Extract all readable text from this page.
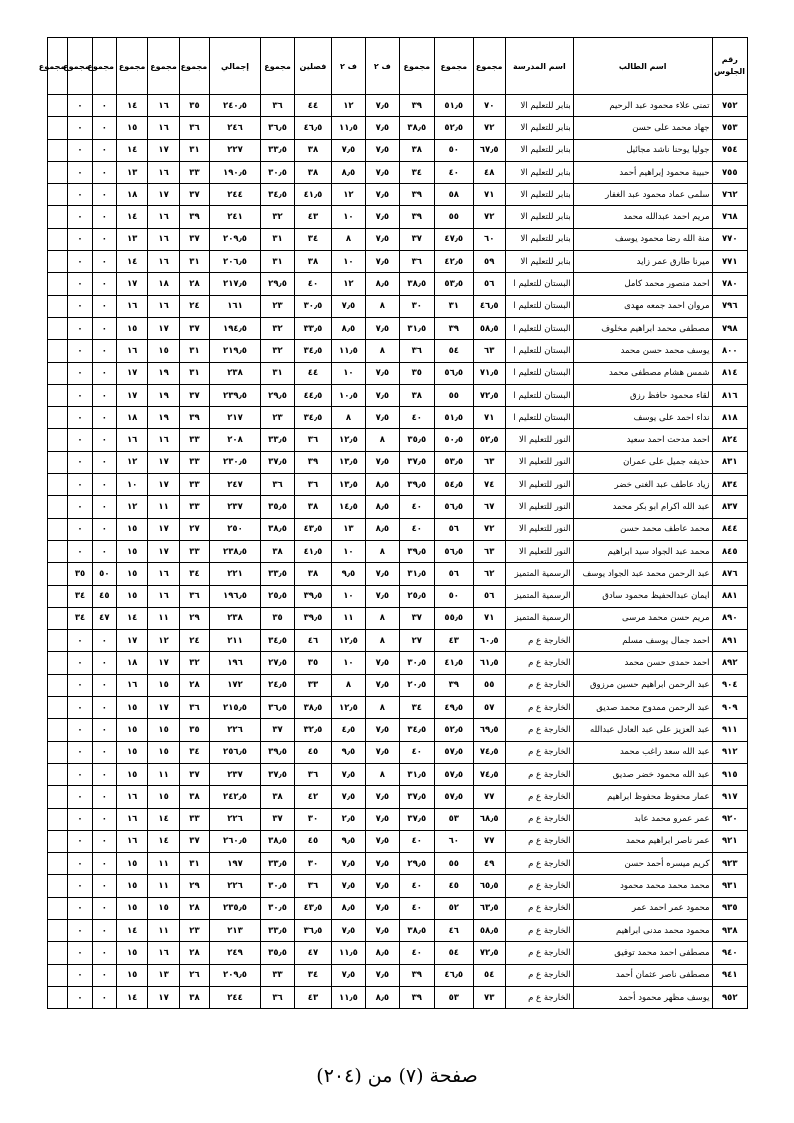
رقم الجلوس	اسم الطالب	اسم المدرسة	مجموع	مجموع	مجموع	ف ٢	ف ٢	فصلين	مجموع	إجمالي	مجموع	مجموع	مجموع	مجموع	مجموع	مجموع
٧٥٢	تمنى علاء محمود عبد الرحيم	بنابر للتعليم الا	٧٠	٥١٫٥	٣٩	٧٫٥	١٢	٤٤	٣٦	٢٤٠٫٥	٣٥	١٦	١٤	٠	٠	
٧٥٣	جهاد محمد على حسن	بنابر للتعليم الا	٧٢	٥٢٫٥	٣٨٫٥	٧٫٥	١١٫٥	٤٦٫٥	٣٦٫٥	٢٤٦	٣٦	١٦	١٥	٠	٠	
٧٥٤	جوليا يوحنا ناشد مجائيل	بنابر للتعليم الا	٦٧٫٥	٥٠	٣٨	٧٫٥	٧٫٥	٣٨	٣٣٫٥	٢٢٧	٣١	١٧	١٤	٠	٠	
٧٥٥	حبيبة محمود إبراهيم أحمد	بنابر للتعليم الا	٤٨	٤٠	٣٤	٧٫٥	٨٫٥	٣٨	٣٠٫٥	١٩٠٫٥	٣٣	١٦	١٣	٠	٠	
٧٦٢	سلمى عماد محمود عبد الغفار	بنابر للتعليم الا	٧١	٥٨	٣٩	٧٫٥	١٢	٤١٫٥	٣٤٫٥	٢٤٤	٣٧	١٧	١٨	٠	٠	
٧٦٨	مريم احمد عبدالله محمد	بنابر للتعليم الا	٧٢	٥٥	٣٩	٧٫٥	١٠	٤٣	٣٢	٢٤١	٣٩	١٦	١٤	٠	٠	
٧٧٠	منة الله رضا محمود يوسف	بنابر للتعليم الا	٦٠	٤٧٫٥	٣٧	٧٫٥	٨	٣٤	٣١	٢٠٩٫٥	٣٧	١٦	١٣	٠	٠	
٧٧١	ميرنا طارق عمر زايد	بنابر للتعليم الا	٥٩	٤٢٫٥	٣٦	٧٫٥	١٠	٣٨	٣١	٢٠٦٫٥	٣١	١٦	١٤	٠	٠	
٧٨٠	احمد منصور محمد كامل	البستان للتعليم ا	٥٦	٥٣٫٥	٣٨٫٥	٨٫٥	١٢	٤٠	٢٩٫٥	٢١٧٫٥	٢٨	١٨	١٧	٠	٠	
٧٩٦	مروان احمد جمعه مهدى	البستان للتعليم ا	٤٦٫٥	٣١	٣٠	٨	٧٫٥	٣٠٫٥	٢٣	١٦١	٢٤	١٦	١٦	٠	٠	
٧٩٨	مصطفى محمد ابراهيم مخلوف	البستان للتعليم ا	٥٨٫٥	٣٩	٣١٫٥	٧٫٥	٨٫٥	٣٣٫٥	٣٢	١٩٤٫٥	٣٧	١٧	١٥	٠	٠	
٨٠٠	يوسف محمد حسن محمد	البستان للتعليم ا	٦٣	٥٤	٣٦	٨	١١٫٥	٣٤٫٥	٣٢	٢١٩٫٥	٣١	١٥	١٦	٠	٠	
٨١٤	شمس هشام مصطفى محمد	البستان للتعليم ا	٧١٫٥	٥٦٫٥	٣٥	٧٫٥	١٠	٤٤	٣١	٢٣٨	٣١	١٩	١٧	٠	٠	
٨١٦	لقاء محمود حافظ رزق	البستان للتعليم ا	٧٢٫٥	٥٥	٣٨	٧٫٥	١٠٫٥	٤٤٫٥	٢٩٫٥	٢٣٩٫٥	٣٧	١٩	١٧	٠	٠	
٨١٨	نداء احمد على يوسف	البستان للتعليم ا	٧١	٥١٫٥	٤٠	٧٫٥	٨	٣٤٫٥	٢٣	٢١٧	٣٩	١٩	١٨	٠	٠	
٨٢٤	احمد مدحت احمد سعيد	النور للتعليم الا	٥٢٫٥	٥٠٫٥	٣٥٫٥	٨	١٢٫٥	٣٦	٣٣٫٥	٢٠٨	٣٣	١٦	١٦	٠	٠	
٨٣١	حذيفه جميل على عمران	النور للتعليم الا	٦٣	٥٣٫٥	٣٧٫٥	٧٫٥	١٣٫٥	٣٩	٣٧٫٥	٢٣٠٫٥	٣٣	١٧	١٢	٠	٠	
٨٣٤	زياد عاطف عبد الغنى خضر	النور للتعليم الا	٧٤	٥٤٫٥	٣٩٫٥	٨٫٥	١٣٫٥	٣٦	٣٦	٢٤٧	٣٣	١٧	١٠	٠	٠	
٨٣٧	عبد الله اكرام ابو بكر محمد	النور للتعليم الا	٦٧	٥٦٫٥	٤٠	٨٫٥	١٤٫٥	٣٨	٣٥٫٥	٢٣٧	٣٣	١١	١٢	٠	٠	
٨٤٤	محمد عاطف محمد حسن	النور للتعليم الا	٧٢	٥٦	٤٠	٨٫٥	١٣	٤٣٫٥	٣٨٫٥	٢٥٠	٢٧	١٧	١٥	٠	٠	
٨٤٥	محمد عبد الجواد سيد ابراهيم	النور للتعليم الا	٦٣	٥٦٫٥	٣٩٫٥	٨	١٠	٤١٫٥	٣٨	٢٣٨٫٥	٣٣	١٧	١٥	٠	٠	
٨٧٦	عبد الرحمن محمد عبد الجواد يوسف	الرسمية المتميز	٦٢	٥٦	٣١٫٥	٧٫٥	٩٫٥	٣٨	٣٣٫٥	٢٢١	٣٤	١٦	١٥	٥٠	٣٥	
٨٨١	ايمان عبدالحفيظ محمود سادق	الرسمية المتميز	٥٦	٥٠	٢٥٫٥	٧٫٥	١٠	٣٩٫٥	٢٥٫٥	١٩٦٫٥	٣٦	١٦	١٥	٤٥	٣٤	
٨٩٠	مريم حسن محمد مرسى	الرسمية المتميز	٧١	٥٥٫٥	٣٧	٨	١١	٣٩٫٥	٣٥	٢٣٨	٢٩	١١	١٤	٤٧	٣٤	
٨٩١	احمد جمال يوسف مسلم	الخارجة ع م	٦٠٫٥	٤٣	٢٧	٨	١٢٫٥	٤٦	٣٤٫٥	٢١١	٢٤	١٢	١٧	٠	٠	
٨٩٢	احمد حمدى حسن محمد	الخارجة ع م	٦١٫٥	٤١٫٥	٣٠٫٥	٧٫٥	١٠	٣٥	٢٧٫٥	١٩٦	٣٢	١٧	١٨	٠	٠	
٩٠٤	عبد الرحمن ابراهيم حسين مرزوق	الخارجة ع م	٥٥	٣٩	٢٠٫٥	٧٫٥	٨	٣٣	٢٤٫٥	١٧٢	٢٨	١٥	١٦	٠	٠	
٩٠٩	عبد الرحمن ممدوح محمد صديق	الخارجة ع م	٥٧	٤٩٫٥	٣٤	٨	١٢٫٥	٣٨٫٥	٣٦٫٥	٢١٥٫٥	٣٦	١٧	١٥	٠	٠	
٩١١	عبد العزيز على عبد العادل عبدالله	الخارجة ع م	٦٩٫٥	٥٢٫٥	٣٤٫٥	٧٫٥	٤٫٥	٣٢٫٥	٣٧	٢٢٦	٣٥	١٥	١٥	٠	٠	
٩١٢	عبد الله سعد راغب محمد	الخارجة ع م	٧٤٫٥	٥٧٫٥	٤٠	٧٫٥	٩٫٥	٤٥	٣٩٫٥	٢٥٦٫٥	٣٤	١٥	١٥	٠	٠	
٩١٥	عبد الله محمود خضر صديق	الخارجة ع م	٧٤٫٥	٥٧٫٥	٣١٫٥	٨	٧٫٥	٣٦	٣٧٫٥	٢٣٧	٣٧	١١	١٥	٠	٠	
٩١٧	عمار محفوظ محفوظ ابراهيم	الخارجة ع م	٧٧	٥٧٫٥	٣٧٫٥	٧٫٥	٧٫٥	٤٢	٣٨	٢٤٢٫٥	٣٨	١٥	١٦	٠	٠	
٩٢٠	عمر عمرو محمد عابد	الخارجة ع م	٦٨٫٥	٥٣	٣٧٫٥	٧٫٥	٢٫٥	٣٠	٣٧	٢٢٦	٣٣	١٤	١٦	٠	٠	
٩٢١	عمر ناصر ابراهيم محمد	الخارجة ع م	٧٧	٦٠	٤٠	٧٫٥	٩٫٥	٤٥	٣٨٫٥	٢٦٠٫٥	٣٧	١٤	١٦	٠	٠	
٩٢٣	كريم ميسره أحمد حسن	الخارجة ع م	٤٩	٥٥	٢٩٫٥	٧٫٥	٧٫٥	٣٠	٣٣٫٥	١٩٧	٣١	١١	١٥	٠	٠	
٩٣١	محمد محمد محمد محمود	الخارجة ع م	٦٥٫٥	٤٥	٤٠	٧٫٥	٧٫٥	٣٦	٣٠٫٥	٢٢٦	٢٩	١١	١٥	٠	٠	
٩٣٥	محمود عمر احمد عمر	الخارجة ع م	٦٣٫٥	٥٢	٤٠	٧٫٥	٨٫٥	٤٣٫٥	٣٠٫٥	٢٣٥٫٥	٢٨	١٥	١٥	٠	٠	
٩٣٨	محمود محمد مدنى ابراهيم	الخارجة ع م	٥٨٫٥	٤٦	٣٨٫٥	٧٫٥	٧٫٥	٣٦٫٥	٣٣٫٥	٢١٣	٢٣	١١	١٤	٠	٠	
٩٤٠	مصطفى احمد محمد توفيق	الخارجة ع م	٧٢٫٥	٥٤	٤٠	٨٫٥	١١٫٥	٤٧	٣٥٫٥	٢٤٩	٢٨	١٦	١٥	٠	٠	
٩٤١	مصطفى ناصر عثمان أحمد	الخارجة ع م	٥٤	٤٦٫٥	٣٩	٧٫٥	٧٫٥	٣٤	٣٣	٢٠٩٫٥	٢٦	١٣	١٥	٠	٠	
٩٥٢	يوسف مظهر محمود أحمد	الخارجة ع م	٧٣	٥٣	٣٩	٨٫٥	١١٫٥	٤٣	٣٦	٢٤٤	٣٨	١٧	١٤	٠	٠	
صفحة (٧) من (٢٠٤)
